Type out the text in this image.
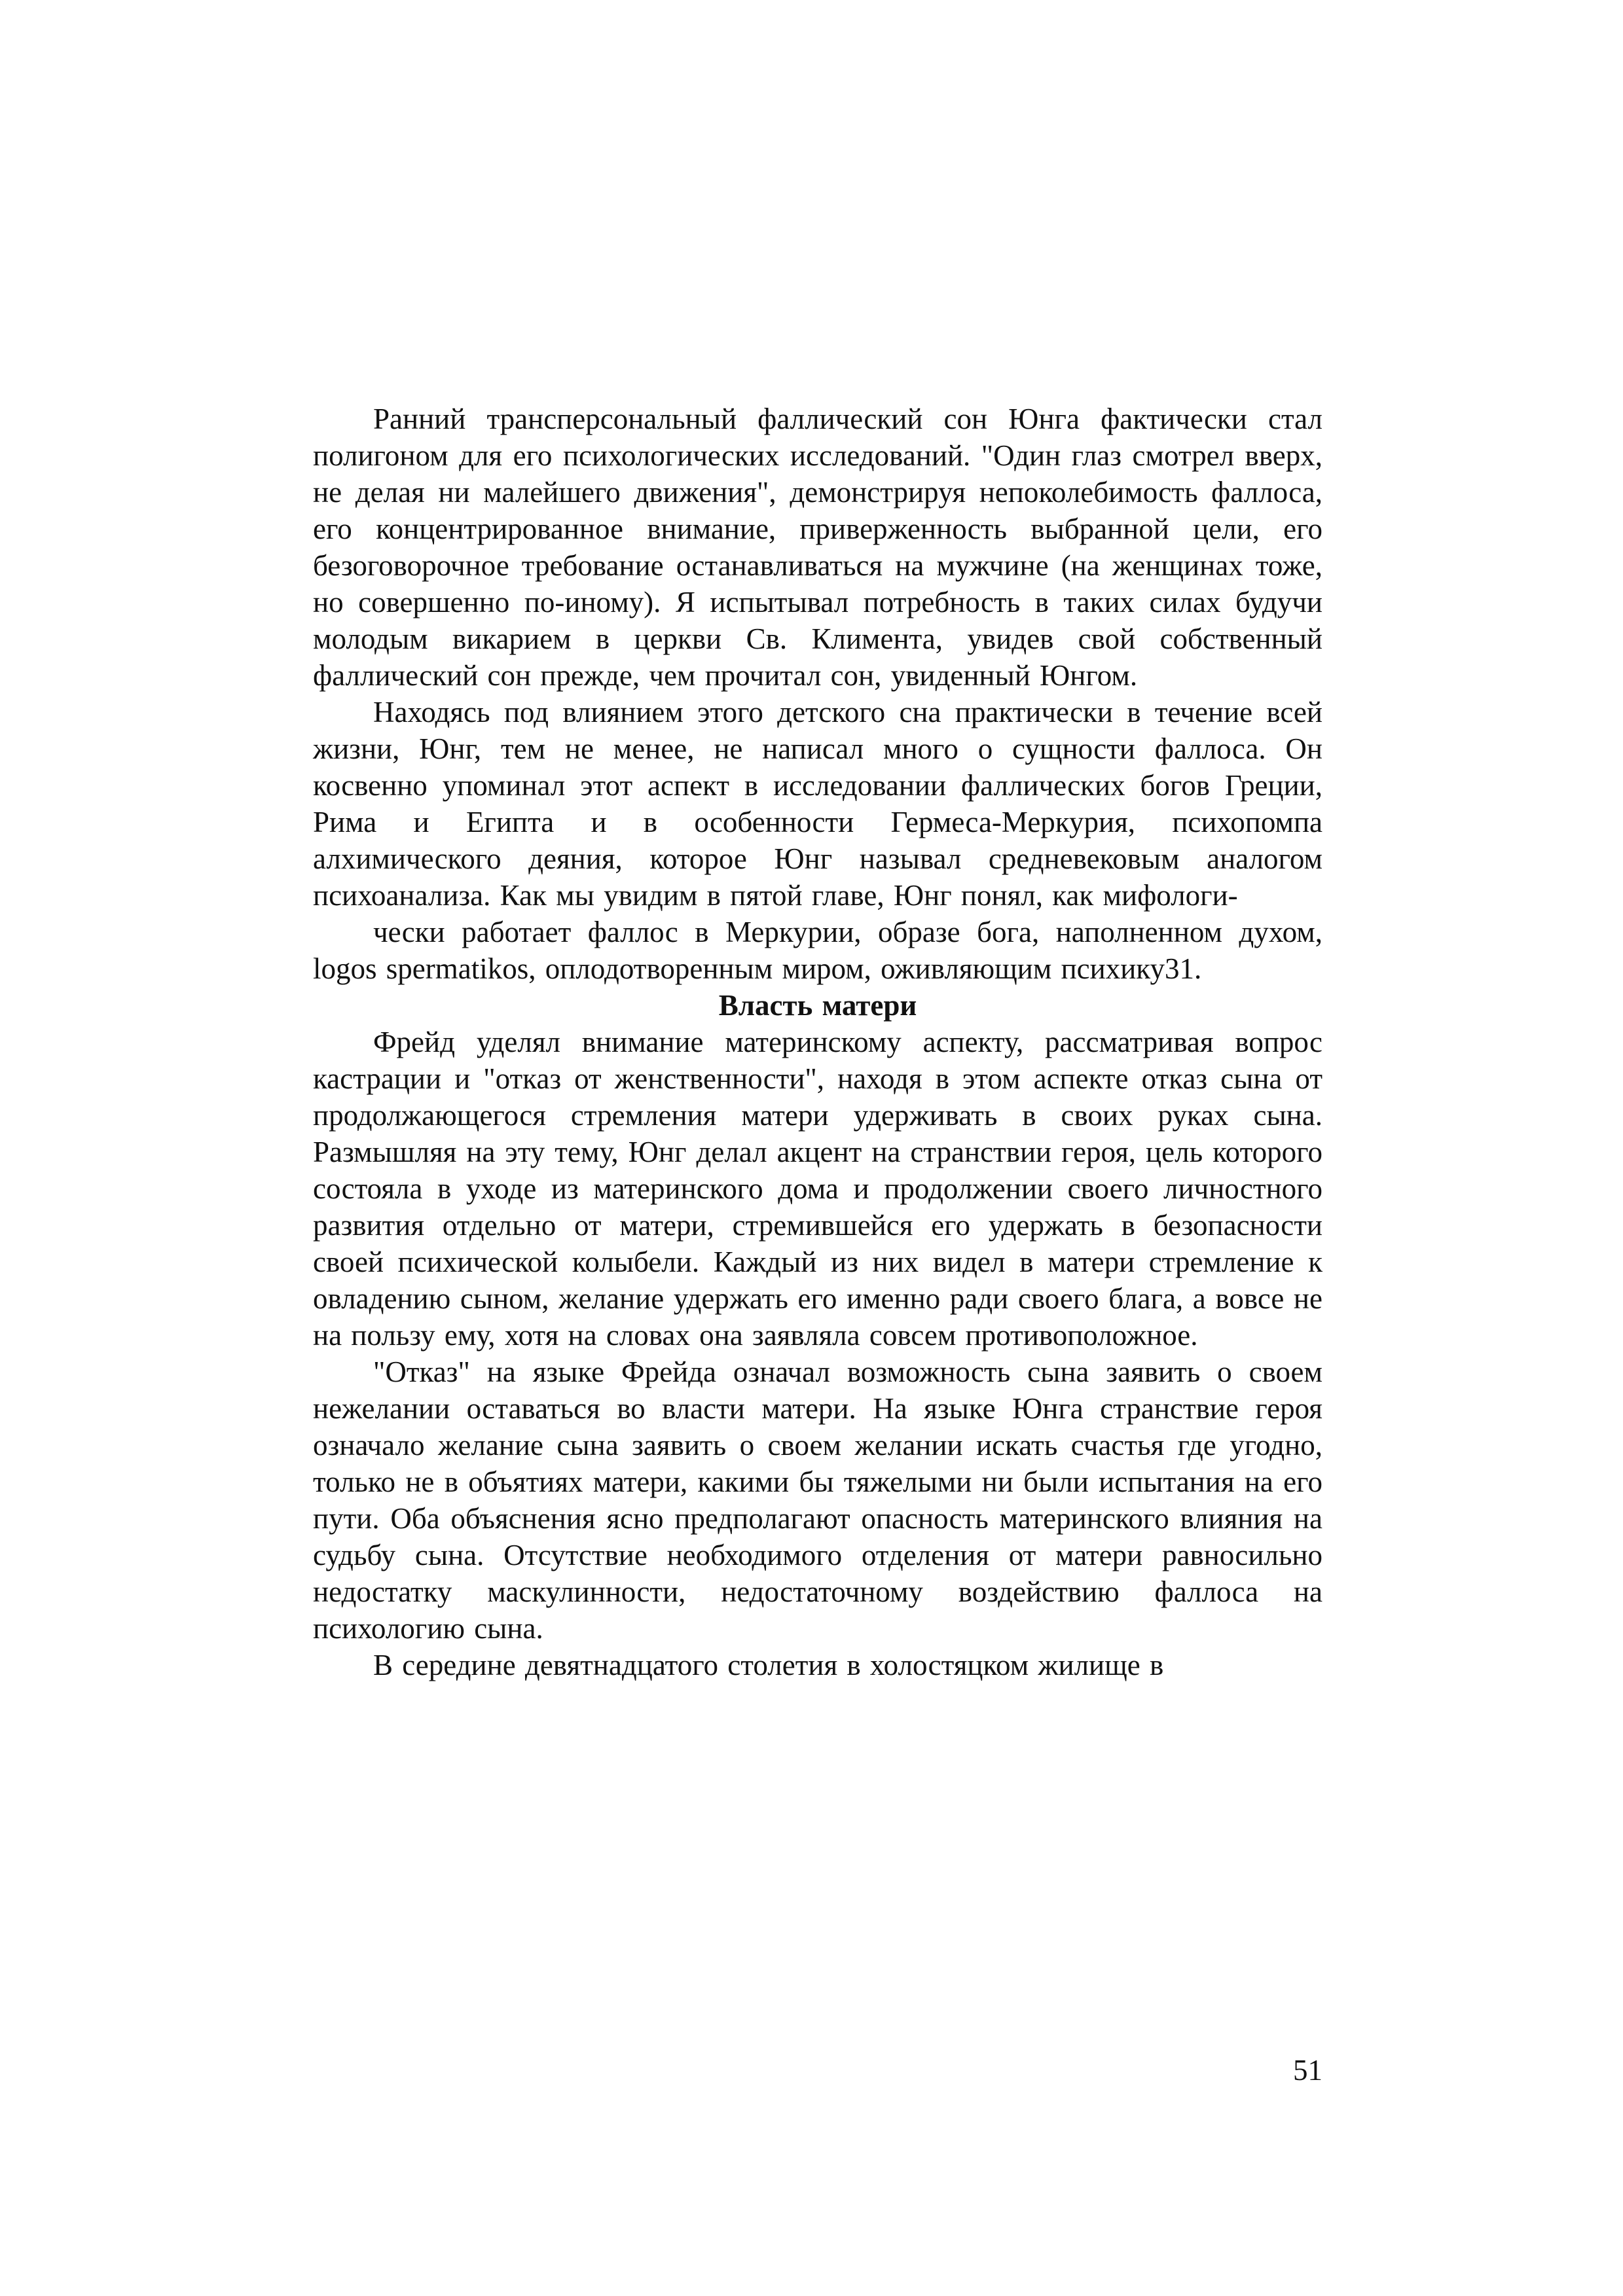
Ранний трансперсональный фаллический сон Юнга фактически стал полигоном для его психологических исследований. "Один глаз смотрел вверх, не делая ни малейшего движения", демонстрируя непоколебимость фаллоса, его концентрированное внимание, приверженность выбранной цели, его безоговорочное требование останавливаться на мужчине (на женщинах тоже, но совершенно по-иному). Я испытывал потребность в таких силах будучи молодым викарием в церкви Св. Климента, увидев свой собственный фаллический сон прежде, чем прочитал сон, увиденный Юнгом.

Находясь под влиянием этого детского сна практически в течение всей жизни, Юнг, тем не менее, не написал много о сущности фаллоса. Он косвенно упоминал этот аспект в исследовании фаллических богов Греции, Рима и Египта и в особенности Гермеса-Меркурия, психопомпа алхимического деяния, которое Юнг называл средневековым аналогом психоанализа. Как мы увидим в пятой главе, Юнг понял, как мифологи-

чески работает фаллос в Меркурии, образе бога, наполненном духом, logos spermatikos, оплодотворенным миром, оживляющим психику31.

Власть матери

Фрейд уделял внимание материнскому аспекту, рассматривая вопрос кастрации и "отказ от женственности", находя в этом аспекте отказ сына от продолжающегося стремления матери удерживать в своих руках сына. Размышляя на эту тему, Юнг делал акцент на странствии героя, цель которого состояла в уходе из материнского дома и продолжении своего личностного развития отдельно от матери, стремившейся его удержать в безопасности своей психической колыбели. Каждый из них видел в матери стремление к овладению сыном, желание удержать его именно ради своего блага, а вовсе не на пользу ему, хотя на словах она заявляла совсем противоположное.

"Отказ" на языке Фрейда означал возможность сына заявить о своем нежелании оставаться во власти матери. На языке Юнга странствие героя означало желание сына заявить о своем желании искать счастья где угодно, только не в объятиях матери, какими бы тяжелыми ни были испытания на его пути. Оба объяснения ясно предполагают опасность материнского влияния на судьбу сына. Отсутствие необходимого отделения от матери равносильно недостатку маскулинности, недостаточному воздействию фаллоса на психологию сына.

В середине девятнадцатого столетия в холостяцком жилище в

51
